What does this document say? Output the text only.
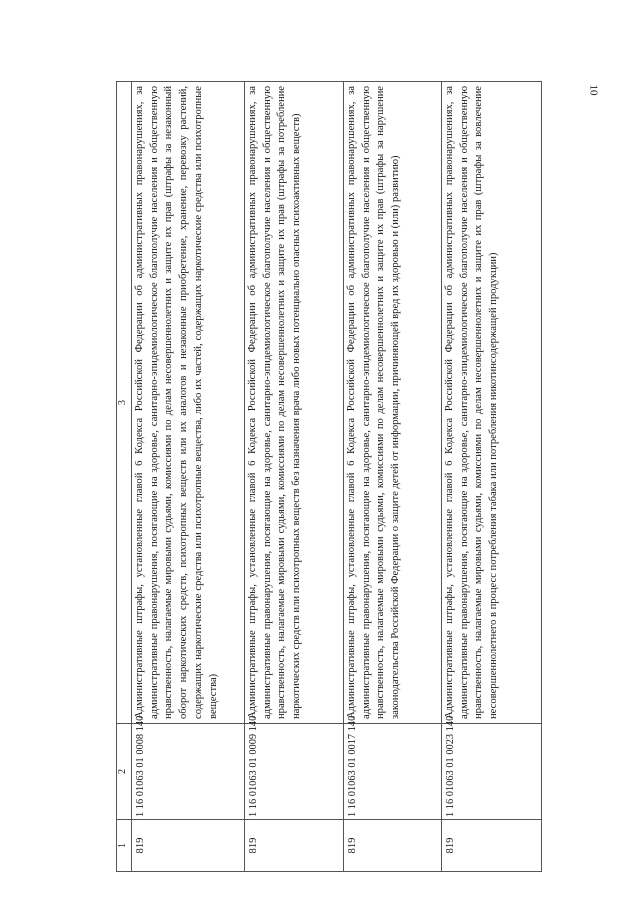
10
1	2	3
819	1 16 01063 01 0008 140	Административные штрафы, установленные главой 6 Кодекса Российской Федерации об административных правонарушениях, за административные правонарушения, посягающие на здоровье, санитарно-эпидемиологическое благополучие населения и общественную нравственность, налагаемые мировыми судьями, комиссиями по делам несовершеннолетних и защите их прав (штрафы за незаконный оборот наркотических средств, психотропных веществ или их аналогов и незаконные приобретение, хранение, перевозку растений, содержащих наркотические средства или психотропные вещества, либо их частей, содержащих наркотические средства или психотропные вещества)
819	1 16 01063 01 0009 140	Административные штрафы, установленные главой 6 Кодекса Российской Федерации об административных правонарушениях, за административные правонарушения, посягающие на здоровье, санитарно-эпидемиологическое благополучие населения и общественную нравственность, налагаемые мировыми судьями, комиссиями по делам несовершеннолетних и защите их прав (штрафы за потребление наркотических средств или психотропных веществ без назначения врача либо новых потенциально опасных психоактивных веществ)
819	1 16 01063 01 0017 140	Административные штрафы, установленные главой 6 Кодекса Российской Федерации об административных правонарушениях, за административные правонарушения, посягающие на здоровье, санитарно-эпидемиологическое благополучие населения и общественную нравственность, налагаемые мировыми судьями, комиссиями по делам несовершеннолетних и защите их прав (штрафы за нарушение законодательства Российской Федерации о защите детей от информации, причиняющей вред их здоровью и (или) развитию)
819	1 16 01063 01 0023 140	Административные штрафы, установленные главой 6 Кодекса Российской Федерации об административных правонарушениях, за административные правонарушения, посягающие на здоровье, санитарно-эпидемиологическое благополучие населения и общественную нравственность, налагаемые мировыми судьями, комиссиями по делам несовершеннолетних и защите их прав (штрафы за вовлечение несовершеннолетнего в процесс потребления табака или потребления никотинсодержащей продукции)
